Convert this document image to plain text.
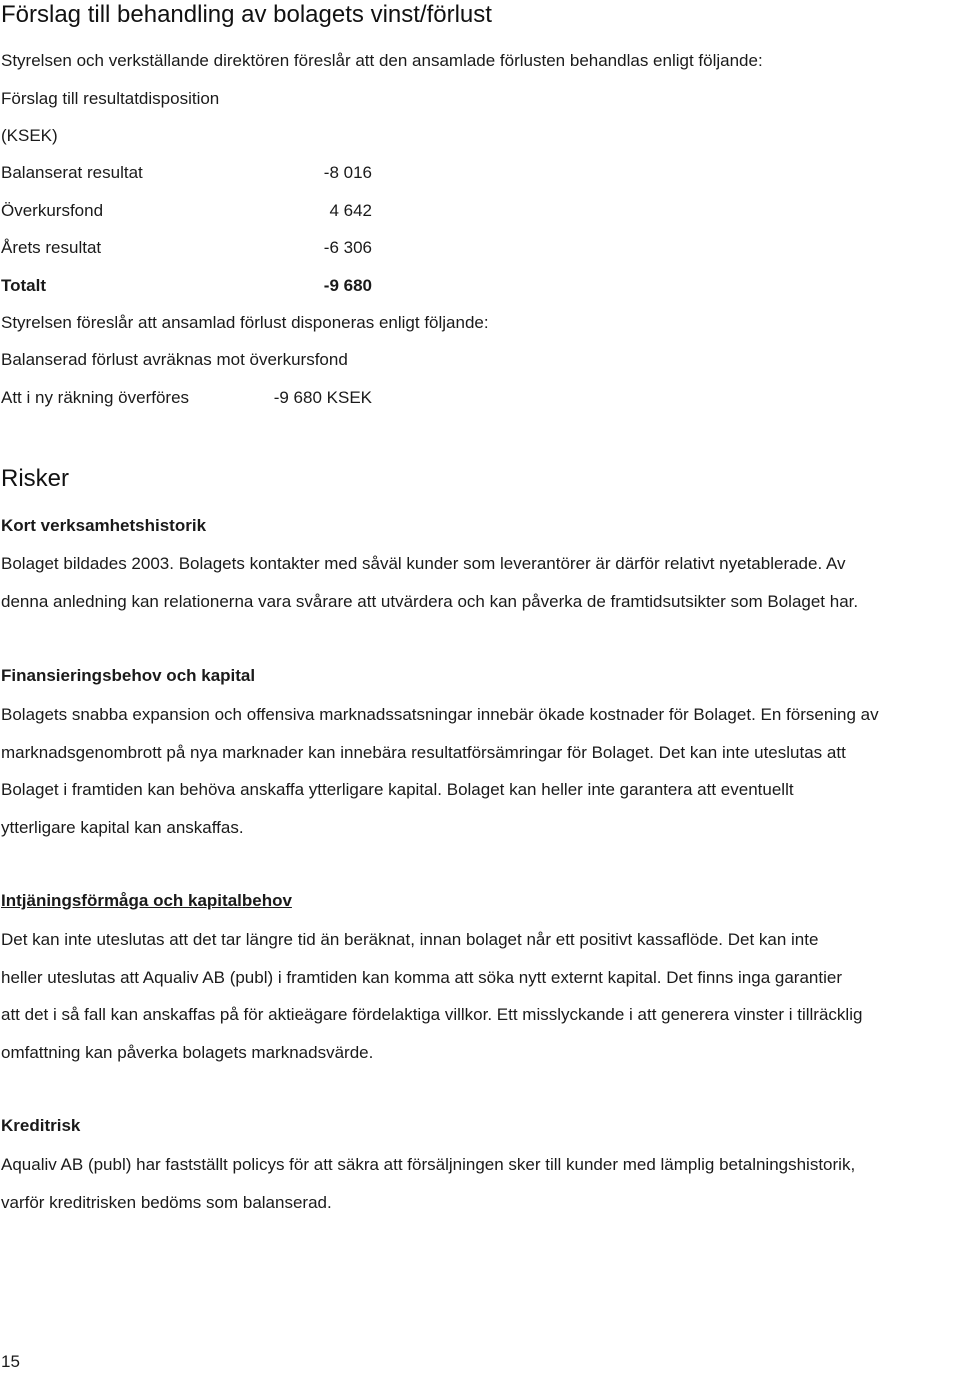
Förslag till behandling av bolagets vinst/förlust
Styrelsen och verkställande direktören föreslår att den ansamlade förlusten behandlas enligt följande:
Förslag till resultatdisposition
(KSEK)
Balanserat resultat	-8 016
Överkursfond	4 642
Årets resultat	-6 306
Totalt	-9 680
Styrelsen föreslår att ansamlad förlust disponeras enligt följande:
Balanserad förlust avräknas mot överkursfond
Att i ny räkning överföres	-9 680 KSEK
Risker
Kort verksamhetshistorik
Bolaget bildades 2003. Bolagets kontakter med såväl kunder som leverantörer är därför relativt nyetablerade. Av
denna anledning kan relationerna vara svårare att utvärdera och kan påverka de framtidsutsikter som Bolaget har.
Finansieringsbehov och kapital
Bolagets snabba expansion och offensiva marknadssatsningar innebär ökade kostnader för Bolaget. En försening av
marknadsgenombrott på nya marknader kan innebära resultatförsämringar för Bolaget. Det kan inte uteslutas att
Bolaget i framtiden kan behöva anskaffa ytterligare kapital. Bolaget kan heller inte garantera att eventuellt
ytterligare kapital kan anskaffas.
Intjäningsförmåga och kapitalbehov
Det kan inte uteslutas att det tar längre tid än beräknat, innan bolaget når ett positivt kassaflöde. Det kan inte
heller uteslutas att Aqualiv AB (publ) i framtiden kan komma att söka nytt externt kapital. Det finns inga garantier
att det i så fall kan anskaffas på för aktieägare fördelaktiga villkor. Ett misslyckande i att generera vinster i tillräcklig
omfattning kan påverka bolagets marknadsvärde.
Kreditrisk
Aqualiv AB (publ) har fastställt policys för att säkra att försäljningen sker till kunder med lämplig betalningshistorik,
varför kreditrisken bedöms som balanserad.
15
